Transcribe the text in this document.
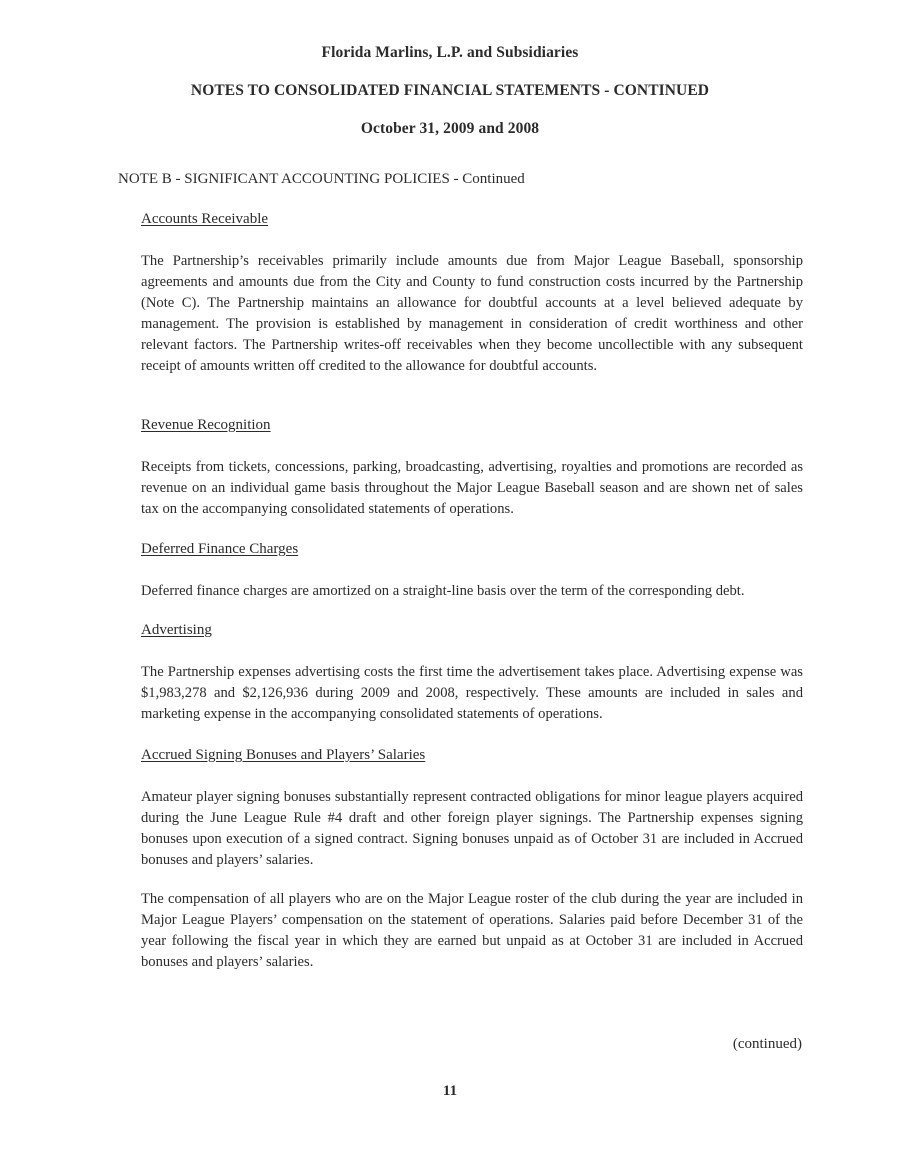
Florida Marlins, L.P. and Subsidiaries
NOTES TO CONSOLIDATED FINANCIAL STATEMENTS - CONTINUED
October 31, 2009 and 2008
NOTE B - SIGNIFICANT ACCOUNTING POLICIES - Continued
Accounts Receivable

The Partnership’s receivables primarily include amounts due from Major League Baseball, sponsorship agreements and amounts due from the City and County to fund construction costs incurred by the Partnership (Note C). The Partnership maintains an allowance for doubtful accounts at a level believed adequate by management. The provision is established by management in consideration of credit worthiness and other relevant factors. The Partnership writes-off receivables when they become uncollectible with any subsequent receipt of amounts written off credited to the allowance for doubtful accounts.

Revenue Recognition

Receipts from tickets, concessions, parking, broadcasting, advertising, royalties and promotions are recorded as revenue on an individual game basis throughout the Major League Baseball season and are shown net of sales tax on the accompanying consolidated statements of operations.

Deferred Finance Charges

Deferred finance charges are amortized on a straight-line basis over the term of the corresponding debt.

Advertising

The Partnership expenses advertising costs the first time the advertisement takes place. Advertising expense was $1,983,278 and $2,126,936 during 2009 and 2008, respectively. These amounts are included in sales and marketing expense in the accompanying consolidated statements of operations.

Accrued Signing Bonuses and Players’ Salaries

Amateur player signing bonuses substantially represent contracted obligations for minor league players acquired during the June League Rule #4 draft and other foreign player signings. The Partnership expenses signing bonuses upon execution of a signed contract. Signing bonuses unpaid as of October 31 are included in Accrued bonuses and players’ salaries.

The compensation of all players who are on the Major League roster of the club during the year are included in Major League Players’ compensation on the statement of operations. Salaries paid before December 31 of the year following the fiscal year in which they are earned but unpaid as at October 31 are included in Accrued bonuses and players’ salaries.

(continued)
11
